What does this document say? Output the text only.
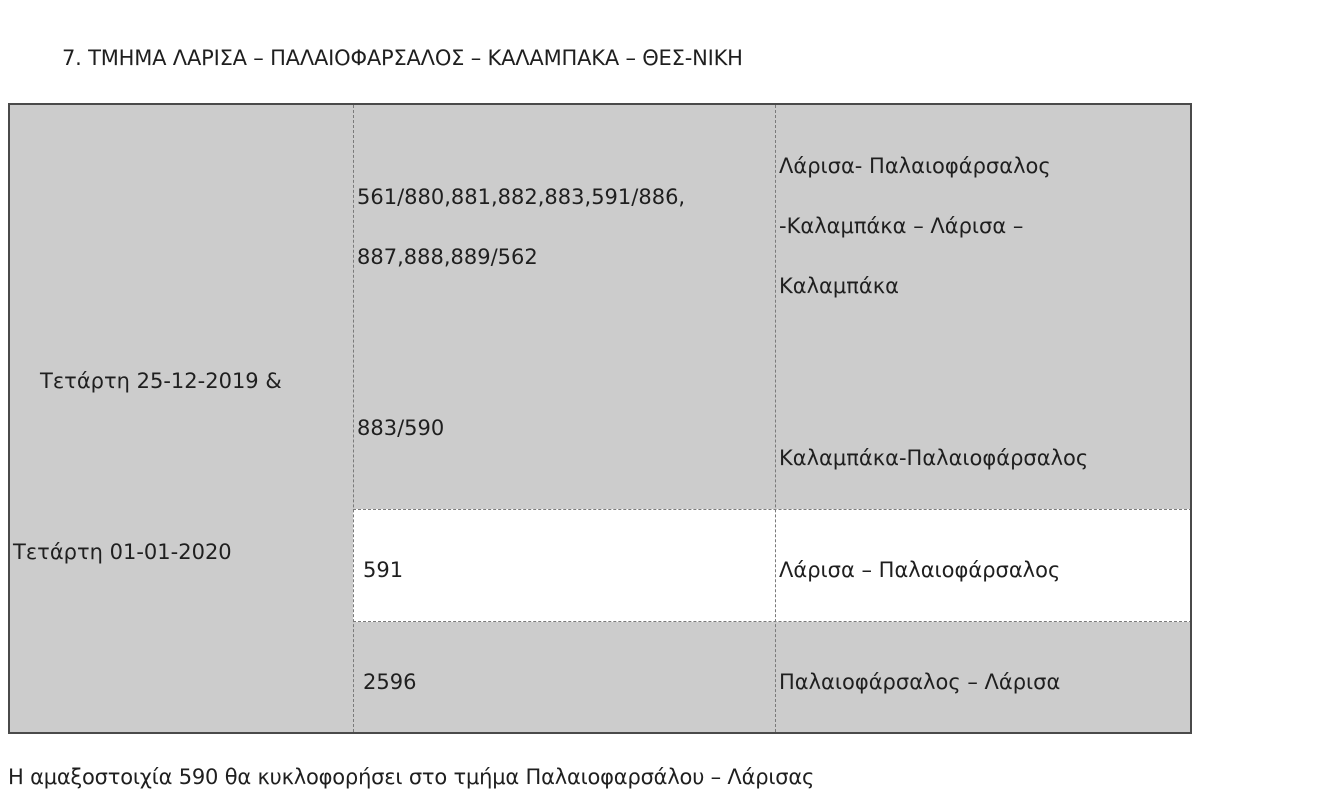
7. ΤΜΗΜΑ ΛΑΡΙΣΑ – ΠΑΛΑΙΟΦΑΡΣΑΛΟΣ – ΚΑΛΑΜΠΑΚΑ – ΘΕΣ-ΝΙΚΗ
Τετάρτη 25-12-2019 &
Τετάρτη 01-01-2020
561/880,881,882,883,591/886,
887,888,889/562
883/590
Λάρισα- Παλαιοφάρσαλος
-Καλαμπάκα – Λάρισα –
Καλαμπάκα
Καλαμπάκα-Παλαιοφάρσαλος
591	Λάρισα – Παλαιοφάρσαλος
2596	Παλαιοφάρσαλος – Λάρισα
Η αμαξοστοιχία 590 θα κυκλοφορήσει στο τμήμα Παλαιοφαρσάλου – Λάρισας
